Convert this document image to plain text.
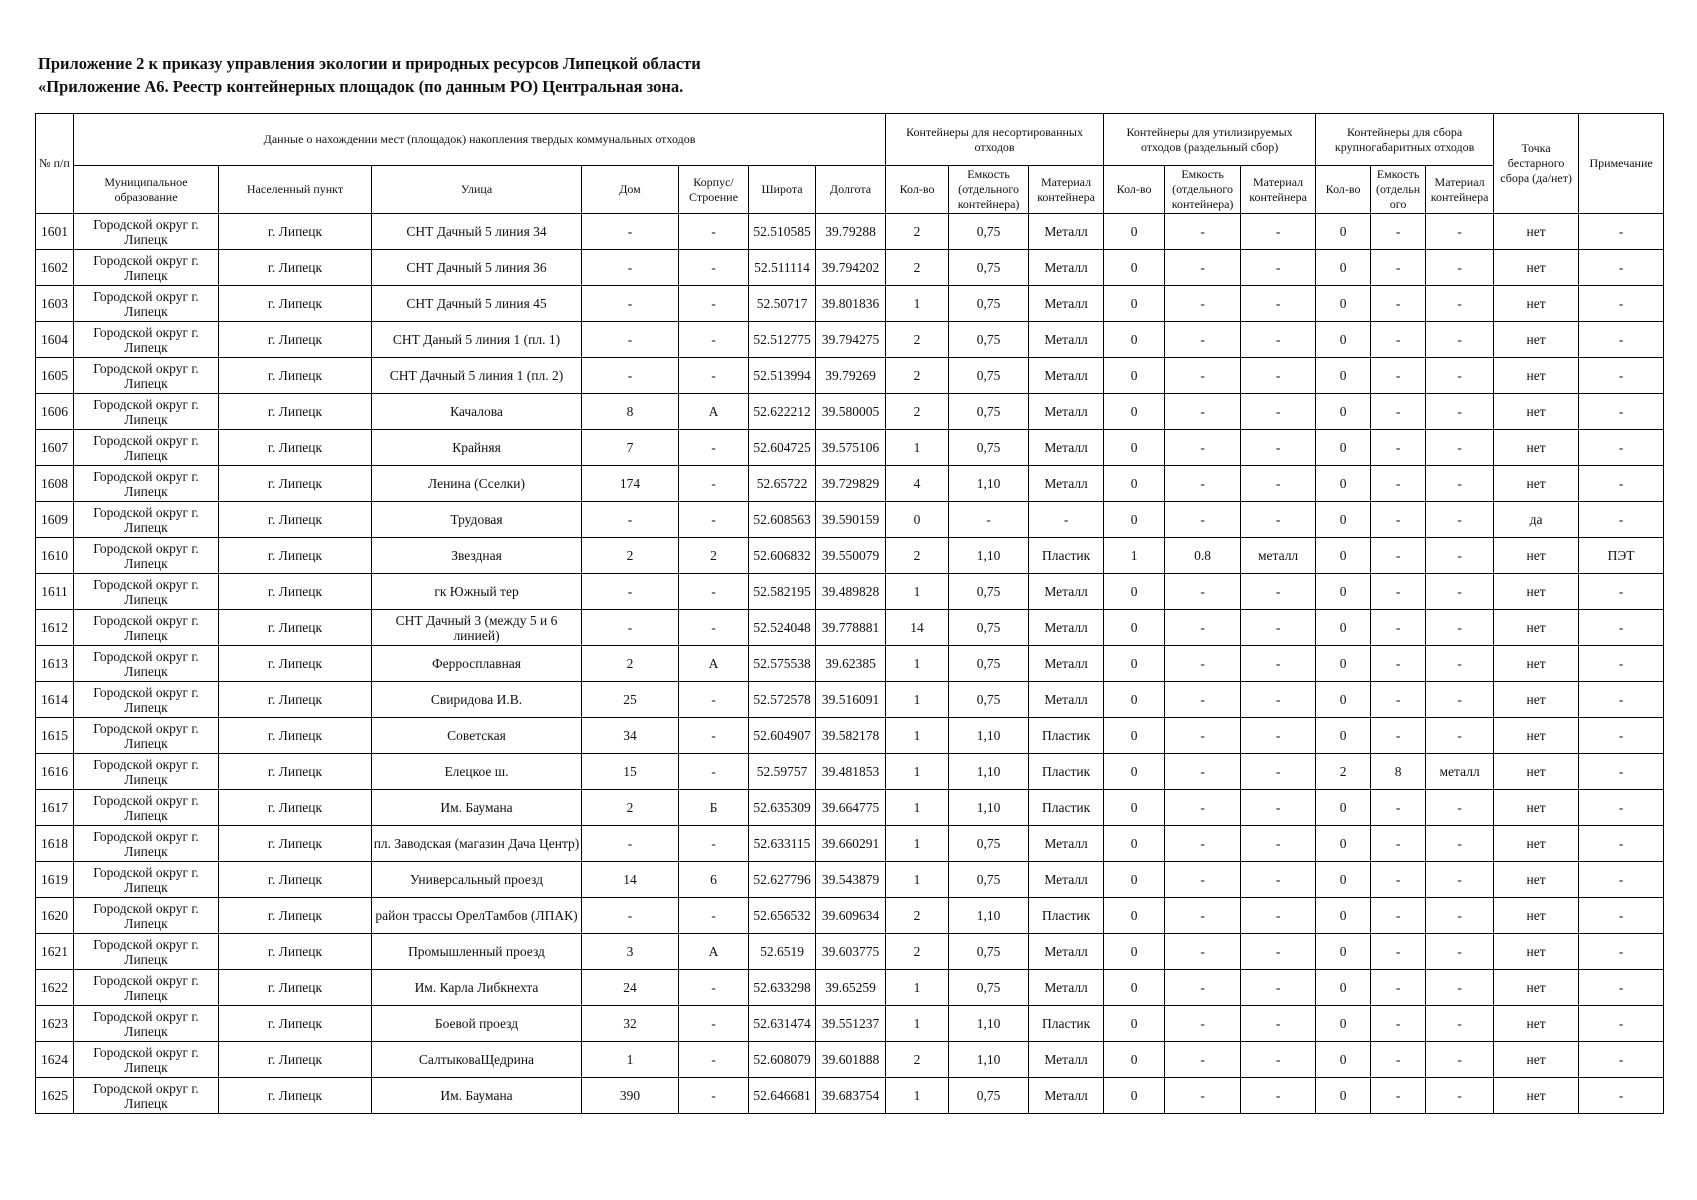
Приложение 2 к приказу управления экологии и природных ресурсов Липецкой области
«Приложение А6. Реестр контейнерных площадок (по данным РО) Центральная зона.
№ п/п	Данные о нахождении мест (площадок) накопления твердых коммунальных отходов							Контейнеры для несортированных отходов			Контейнеры для утилизируемых отходов (раздельный сбор)			Контейнеры для сбора крупногабаритных отходов			Точка бестарного сбора (да/нет)	Примечание
	Муниципальное образование	Населенный пункт	Улица	Дом	Корпус/ Строение	Широта	Долгота	Кол-во	Емкость (отдельного контейнера)	Материал контейнера	Кол-во	Емкость (отдельного контейнера)	Материал контейнера	Кол-во	Емкость (отдельн ого	Материал контейнера		
1601	Городской округ г. Липецк	г. Липецк	СНТ Дачный 5 линия 34	-	-	52.510585	39.79288	2	0,75	Металл	0	-	-	0	-	-	нет	-
1602	Городской округ г. Липецк	г. Липецк	СНТ Дачный 5 линия 36	-	-	52.511114	39.794202	2	0,75	Металл	0	-	-	0	-	-	нет	-
1603	Городской округ г. Липецк	г. Липецк	СНТ Дачный 5 линия 45	-	-	52.50717	39.801836	1	0,75	Металл	0	-	-	0	-	-	нет	-
1604	Городской округ г. Липецк	г. Липецк	СНТ Даный 5 линия 1 (пл. 1)	-	-	52.512775	39.794275	2	0,75	Металл	0	-	-	0	-	-	нет	-
1605	Городской округ г. Липецк	г. Липецк	СНТ Дачный 5 линия 1 (пл. 2)	-	-	52.513994	39.79269	2	0,75	Металл	0	-	-	0	-	-	нет	-
1606	Городской округ г. Липецк	г. Липецк	Качалова	8	А	52.622212	39.580005	2	0,75	Металл	0	-	-	0	-	-	нет	-
1607	Городской округ г. Липецк	г. Липецк	Крайняя	7	-	52.604725	39.575106	1	0,75	Металл	0	-	-	0	-	-	нет	-
1608	Городской округ г. Липецк	г. Липецк	Ленина (Сселки)	174	-	52.65722	39.729829	4	1,10	Металл	0	-	-	0	-	-	нет	-
1609	Городской округ г. Липецк	г. Липецк	Трудовая	-	-	52.608563	39.590159	0	-	-	0	-	-	0	-	-	да	-
1610	Городской округ г. Липецк	г. Липецк	Звездная	2	2	52.606832	39.550079	2	1,10	Пластик	1	0.8	металл	0	-	-	нет	ПЭТ
1611	Городской округ г. Липецк	г. Липецк	гк Южный тер	-	-	52.582195	39.489828	1	0,75	Металл	0	-	-	0	-	-	нет	-
1612	Городской округ г. Липецк	г. Липецк	СНТ Дачный 3 (между 5 и 6 линией)	-	-	52.524048	39.778881	14	0,75	Металл	0	-	-	0	-	-	нет	-
1613	Городской округ г. Липецк	г. Липецк	Ферросплавная	2	А	52.575538	39.62385	1	0,75	Металл	0	-	-	0	-	-	нет	-
1614	Городской округ г. Липецк	г. Липецк	Свиридова И.В.	25	-	52.572578	39.516091	1	0,75	Металл	0	-	-	0	-	-	нет	-
1615	Городской округ г. Липецк	г. Липецк	Советская	34	-	52.604907	39.582178	1	1,10	Пластик	0	-	-	0	-	-	нет	-
1616	Городской округ г. Липецк	г. Липецк	Елецкое ш.	15	-	52.59757	39.481853	1	1,10	Пластик	0	-	-	2	8	металл	нет	-
1617	Городской округ г. Липецк	г. Липецк	Им. Баумана	2	Б	52.635309	39.664775	1	1,10	Пластик	0	-	-	0	-	-	нет	-
1618	Городской округ г. Липецк	г. Липецк	пл. Заводская (магазин Дача Центр)	-	-	52.633115	39.660291	1	0,75	Металл	0	-	-	0	-	-	нет	-
1619	Городской округ г. Липецк	г. Липецк	Универсальный проезд	14	6	52.627796	39.543879	1	0,75	Металл	0	-	-	0	-	-	нет	-
1620	Городской округ г. Липецк	г. Липецк	район трассы ОрелТамбов (ЛПАК)	-	-	52.656532	39.609634	2	1,10	Пластик	0	-	-	0	-	-	нет	-
1621	Городской округ г. Липецк	г. Липецк	Промышленный проезд	3	А	52.6519	39.603775	2	0,75	Металл	0	-	-	0	-	-	нет	-
1622	Городской округ г. Липецк	г. Липецк	Им. Карла Либкнехта	24	-	52.633298	39.65259	1	0,75	Металл	0	-	-	0	-	-	нет	-
1623	Городской округ г. Липецк	г. Липецк	Боевой проезд	32	-	52.631474	39.551237	1	1,10	Пластик	0	-	-	0	-	-	нет	-
1624	Городской округ г. Липецк	г. Липецк	СалтыковаЩедрина	1	-	52.608079	39.601888	2	1,10	Металл	0	-	-	0	-	-	нет	-
1625	Городской округ г. Липецк	г. Липецк	Им. Баумана	390	-	52.646681	39.683754	1	0,75	Металл	0	-	-	0	-	-	нет	-
